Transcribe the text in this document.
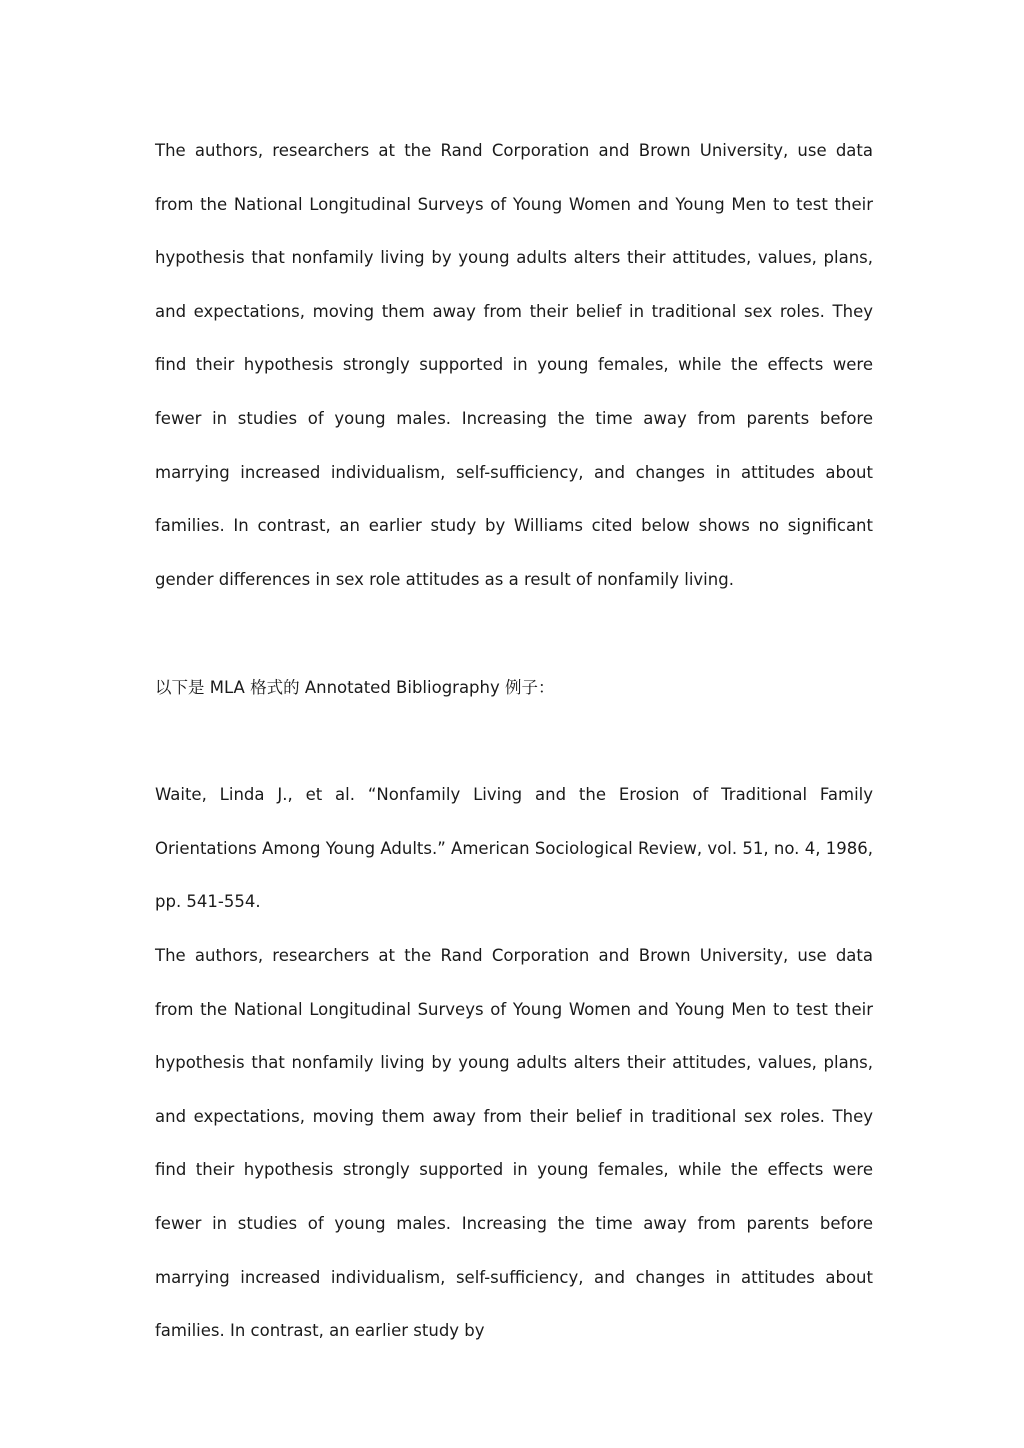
The authors, researchers at the Rand Corporation and Brown University, use data from the National Longitudinal Surveys of Young Women and Young Men to test their hypothesis that nonfamily living by young adults alters their attitudes, values, plans, and expectations, moving them away from their belief in traditional sex roles. They find their hypothesis strongly supported in young females, while the effects were fewer in studies of young males. Increasing the time away from parents before marrying increased individualism, self-sufficiency, and changes in attitudes about families. In contrast, an earlier study by Williams cited below shows no significant gender differences in sex role attitudes as a result of nonfamily living.

以下是 MLA 格式的 Annotated Bibliography 例子：

Waite, Linda J., et al. “Nonfamily Living and the Erosion of Traditional Family Orientations Among Young Adults.” American Sociological Review, vol. 51, no. 4, 1986, pp. 541-554.

The authors, researchers at the Rand Corporation and Brown University, use data from the National Longitudinal Surveys of Young Women and Young Men to test their hypothesis that nonfamily living by young adults alters their attitudes, values, plans, and expectations, moving them away from their belief in traditional sex roles. They find their hypothesis strongly supported in young females, while the effects were fewer in studies of young males. Increasing the time away from parents before marrying increased individualism, self-sufficiency, and changes in attitudes about families. In contrast, an earlier study by
